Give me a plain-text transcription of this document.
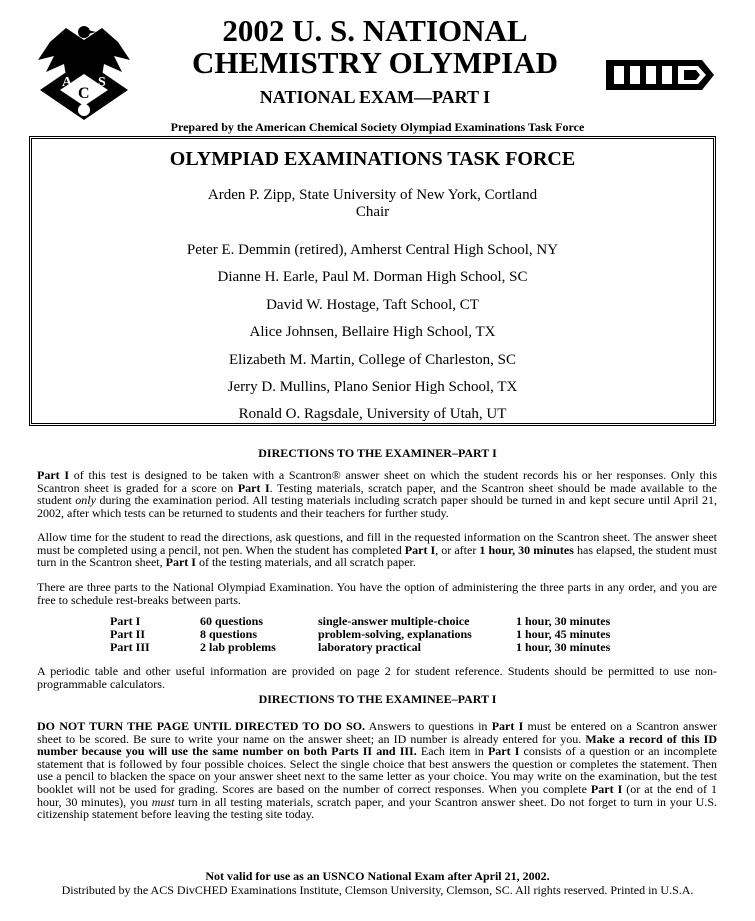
A
C
S
2002 U. S. NATIONAL
CHEMISTRY OLYMPIAD
NATIONAL EXAM—PART I
Prepared by the American Chemical Society Olympiad Examinations Task Force
OLYMPIAD EXAMINATIONS TASK FORCE
Arden P. Zipp, State University of New York, Cortland
Chair
Peter E. Demmin (retired), Amherst Central High School, NY
Dianne H. Earle, Paul M. Dorman High School, SC
David W. Hostage, Taft School, CT
Alice Johnsen, Bellaire High School, TX
Elizabeth M. Martin, College of Charleston, SC
Jerry D. Mullins, Plano Senior High School, TX
Ronald O. Ragsdale, University of Utah, UT
DIRECTIONS TO THE EXAMINER–PART I
Part I of this test is designed to be taken with a Scantron® answer sheet on which the student records his or her responses. Only this Scantron sheet is graded for a score on Part I. Testing materials, scratch paper, and the Scantron sheet should be made available to the student only during the examination period. All testing materials including scratch paper should be turned in and kept secure until April 21, 2002, after which tests can be returned to students and their teachers for further study.
Allow time for the student to read the directions, ask questions, and fill in the requested information on the Scantron sheet. The answer sheet must be completed using a pencil, not pen. When the student has completed Part I, or after 1 hour, 30 minutes has elapsed, the student must turn in the Scantron sheet, Part I of the testing materials, and all scratch paper.
There are three parts to the National Olympiad Examination. You have the option of administering the three parts in any order, and you are free to schedule rest-breaks between parts.
Part I	60 questions	single-answer multiple-choice	1 hour, 30 minutes
Part II	8 questions	problem-solving, explanations	1 hour, 45 minutes
Part III	2 lab problems	laboratory practical	1 hour, 30 minutes
A periodic table and other useful information are provided on page 2 for student reference. Students should be permitted to use non-programmable calculators.
DIRECTIONS TO THE EXAMINEE–PART I
DO NOT TURN THE PAGE UNTIL DIRECTED TO DO SO. Answers to questions in Part I must be entered on a Scantron answer sheet to be scored. Be sure to write your name on the answer sheet; an ID number is already entered for you. Make a record of this ID number because you will use the same number on both Parts II and III. Each item in Part I consists of a question or an incomplete statement that is followed by four possible choices. Select the single choice that best answers the question or completes the statement. Then use a pencil to blacken the space on your answer sheet next to the same letter as your choice. You may write on the examination, but the test booklet will not be used for grading. Scores are based on the number of correct responses. When you complete Part I (or at the end of 1 hour, 30 minutes), you must turn in all testing materials, scratch paper, and your Scantron answer sheet. Do not forget to turn in your U.S. citizenship statement before leaving the testing site today.
Not valid for use as an USNCO National Exam after April 21, 2002.
Distributed by the ACS DivCHED Examinations Institute, Clemson University, Clemson, SC. All rights reserved. Printed in U.S.A.
